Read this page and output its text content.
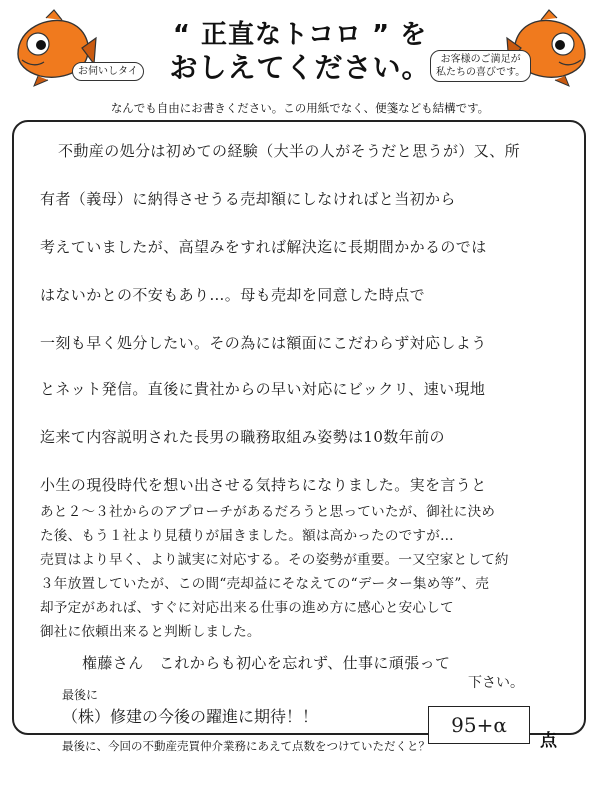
お伺いしタイ
“ 正直なトコロ ” を
おしえてください。	お客様のご満足が
私たちの喜びです。
なんでも自由にお書きください。この用紙でなく、便箋なども結構です。
不動産の処分は初めての経験（大半の人がそうだと思うが）又、所
有者（義母）に納得させうる売却額にしなければと当初から
考えていましたが、高望みをすれば解決迄に長期間かかるのでは
はないかとの不安もあり…。母も売却を同意した時点で
一刻も早く処分したい。その為には額面にこだわらず対応しよう
とネット発信。直後に貴社からの早い対応にビックリ、速い現地
迄来て内容説明された長男の職務取組み姿勢は10数年前の
小生の現役時代を想い出させる気持ちになりました。実を言うと
あと２～３社からのアプローチがあるだろうと思っていたが、御社に決め
た後、もう１社より見積りが届きました。額は高かったのですが…
売買はより早く、より誠実に対応する。その姿勢が重要。一又空家として約
３年放置していたが、この間“売却益にそなえての“データー集め等”、売
却予定があれば、すぐに対応出来る仕事の進め方に感心と安心して
御社に依頼出来ると判断しました。
権藤さん　これからも初心を忘れず、仕事に頑張って
下さい。
最後に
（株）修建の今後の躍進に期待！！	95+α
点
最後に、今回の不動産売買仲介業務にあえて点数をつけていただくと？
